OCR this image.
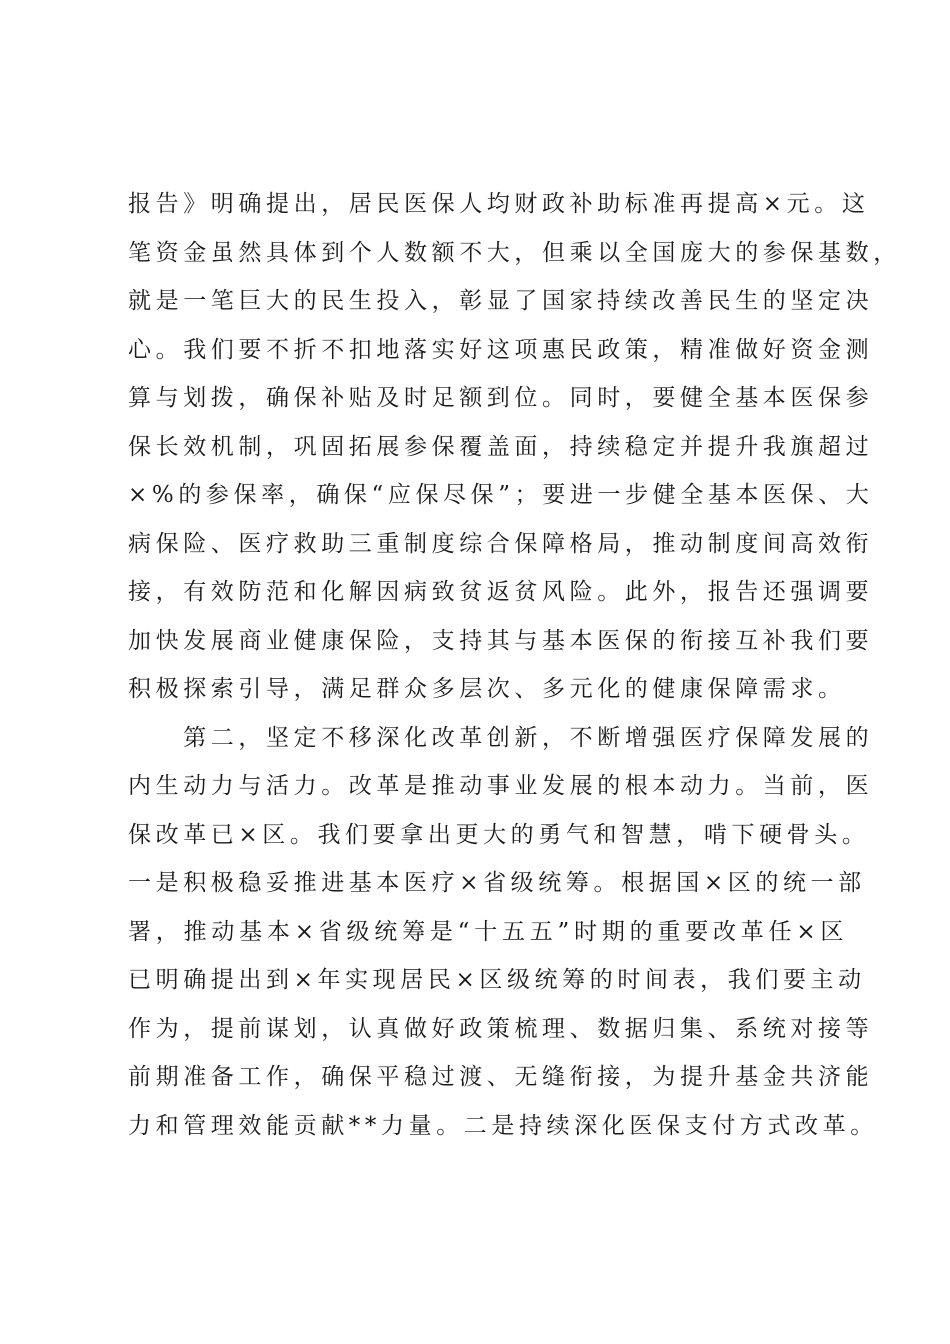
报告》明确提出，居民医保人均财政补助标准再提高×元。这
笔资金虽然具体到个人数额不大，但乘以全国庞大的参保基数，
就是一笔巨大的民生投入，彰显了国家持续改善民生的坚定决
心。我们要不折不扣地落实好这项惠民政策，精准做好资金测
算与划拨，确保补贴及时足额到位。同时，要健全基本医保参
保长效机制，巩固拓展参保覆盖面，持续稳定并提升我旗超过
×%的参保率，确保“应保尽保”；要进一步健全基本医保、大
病保险、医疗救助三重制度综合保障格局，推动制度间高效衔
接，有效防范和化解因病致贫返贫风险。此外，报告还强调要
加快发展商业健康保险，支持其与基本医保的衔接互补我们要
积极探索引导，满足群众多层次、多元化的健康保障需求。
　　第二，坚定不移深化改革创新，不断增强医疗保障发展的
内生动力与活力。改革是推动事业发展的根本动力。当前，医
保改革已×区。我们要拿出更大的勇气和智慧，啃下硬骨头。
一是积极稳妥推进基本医疗×省级统筹。根据国×区的统一部
署，推动基本×省级统筹是“十五五”时期的重要改革任×区
已明确提出到×年实现居民×区级统筹的时间表，我们要主动
作为，提前谋划，认真做好政策梳理、数据归集、系统对接等
前期准备工作，确保平稳过渡、无缝衔接，为提升基金共济能
力和管理效能贡献**力量。二是持续深化医保支付方式改革。
